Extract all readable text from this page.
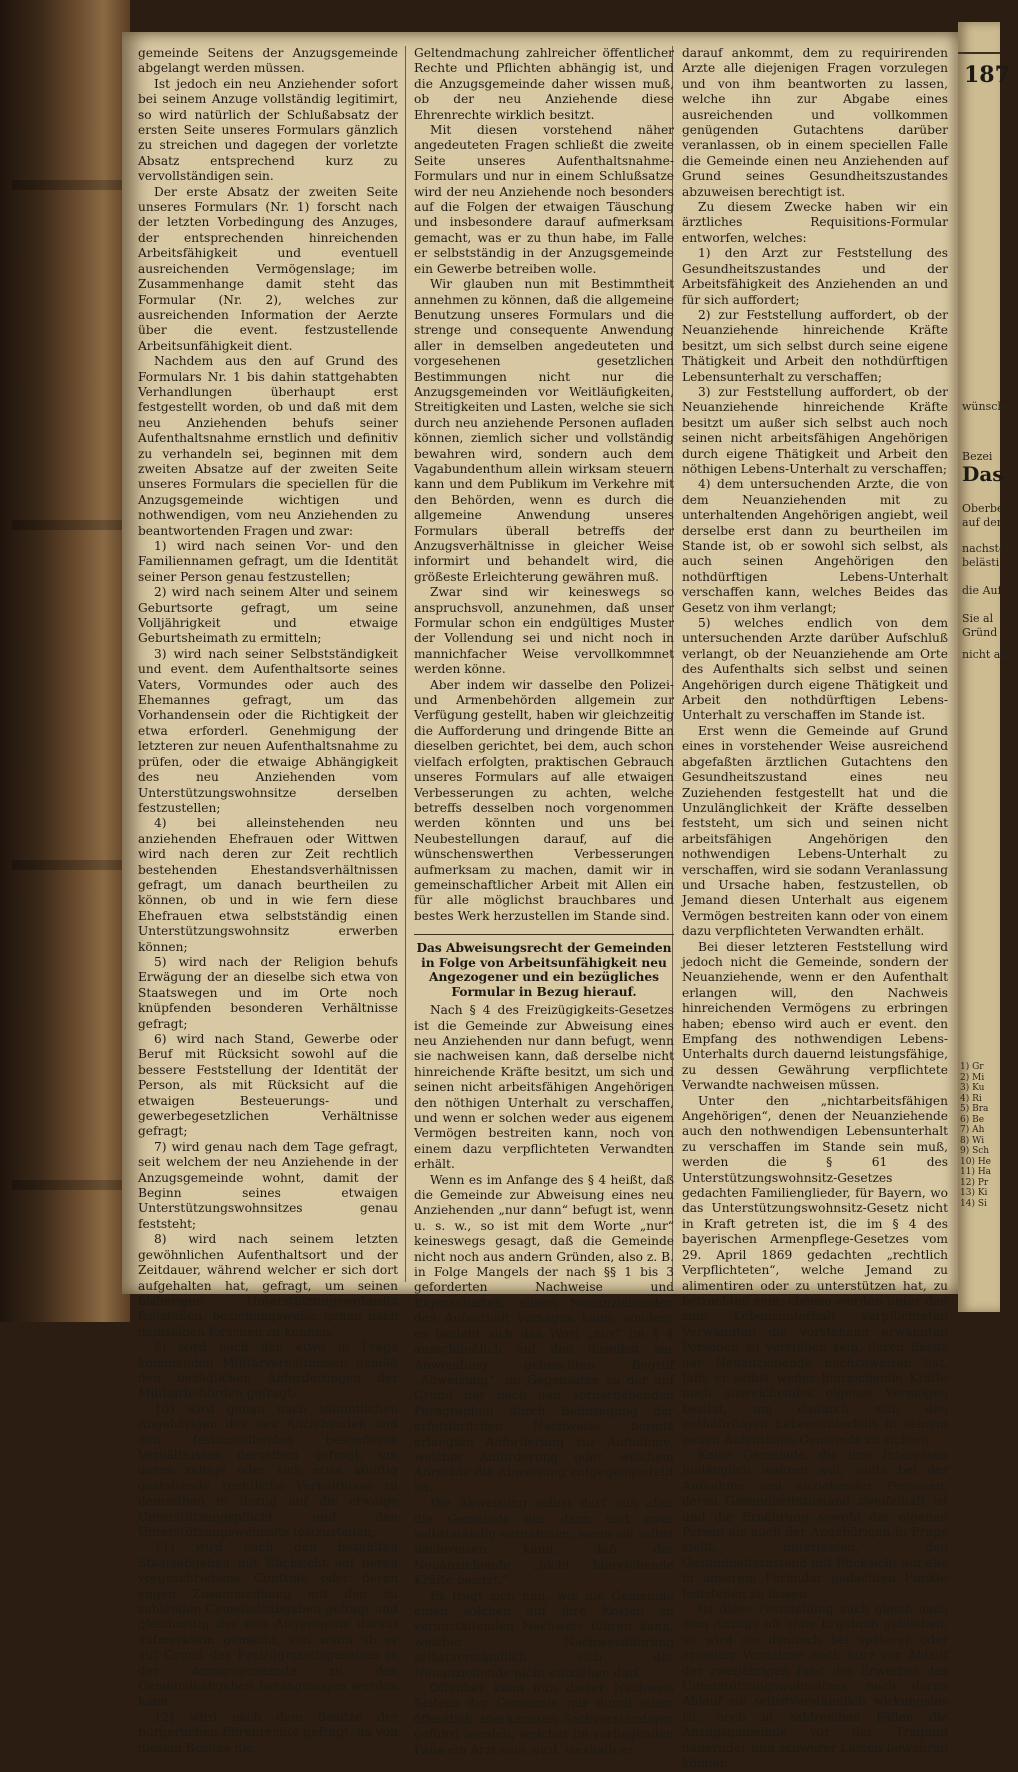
gemeinde Seitens der Anzugsgemeinde abgelangt werden müssen.

Ist jedoch ein neu Anziehender sofort bei seinem Anzuge vollständig legitimirt, so wird natürlich der Schlußabsatz der ersten Seite unseres Formulars gänzlich zu streichen und dagegen der vorletzte Absatz entsprechend kurz zu vervollständigen sein.

Der erste Absatz der zweiten Seite unseres Formulars (Nr. 1) forscht nach der letzten Vorbedingung des Anzuges, der entsprechenden hinreichenden Arbeitsfähigkeit und eventuell ausreichenden Vermögenslage; im Zusammenhange damit steht das Formular (Nr. 2), welches zur ausreichenden Information der Aerzte über die event. festzustellende Arbeitsunfähigkeit dient.

Nachdem aus den auf Grund des Formulars Nr. 1 bis dahin stattgehabten Verhandlungen überhaupt erst festgestellt worden, ob und daß mit dem neu Anziehenden behufs seiner Aufenthaltsnahme ernstlich und definitiv zu verhandeln sei, beginnen mit dem zweiten Absatze auf der zweiten Seite unseres Formulars die speciellen für die Anzugsgemeinde wichtigen und nothwendigen, vom neu Anziehenden zu beantwortenden Fragen und zwar:

1) wird nach seinen Vor- und den Familiennamen gefragt, um die Identität seiner Person genau festzustellen;

2) wird nach seinem Alter und seinem Geburtsorte gefragt, um seine Volljährigkeit und etwaige Geburtsheimath zu ermitteln;

3) wird nach seiner Selbstständigkeit und event. dem Aufenthaltsorte seines Vaters, Vormundes oder auch des Ehemannes gefragt, um das Vorhandensein oder die Richtigkeit der etwa erforderl. Genehmigung der letzteren zur neuen Aufenthaltsnahme zu prüfen, oder die etwaige Abhängigkeit des neu Anziehenden vom Unterstützungswohnsitze derselben festzustellen;

4) bei alleinstehenden neu anziehenden Ehefrauen oder Wittwen wird nach deren zur Zeit rechtlich bestehenden Ehestandsverhältnissen gefragt, um danach beurtheilen zu können, ob und in wie fern diese Ehefrauen etwa selbstständig einen Unterstützungswohnsitz erwerben können;

5) wird nach der Religion behufs Erwägung der an dieselbe sich etwa von Staatswegen und im Orte noch knüpfenden besonderen Verhältnisse gefragt;

6) wird nach Stand, Gewerbe oder Beruf mit Rücksicht sowohl auf die bessere Feststellung der Identität der Person, als mit Rücksicht auf die etwaigen Besteuerungs- und gewerbegesetzlichen Verhältnisse gefragt;

7) wird genau nach dem Tage gefragt, seit welchem der neu Anziehende in der Anzugsgemeinde wohnt, damit der Beginn seines etwaigen Unterstützungswohnsitzes genau feststeht;

8) wird nach seinem letzten gewöhnlichen Aufenthaltsort und der Zeitdauer, während welcher er sich dort aufgehalten hat, gefragt, um seinen bisherigen Unterstützungswohnsitz feststellen, beziehungsweise genau nach demselben forschen zu können.

9) wird nach den etwa in Frage kommenden Militärverhältnissen gemäß den bezüglichen Anforderungen der Militairbehörden gefragt;

10) wird genau nach sämmtlichen Angehörigen des neu Anziehenden und den festzustellenden besonderen Verhältnissen derselben gefragt, um deren zeitige oder sich etwa künftig gestaltende rechtliche Verhältnisse zu demselben in Bezug auf die etwaige Unterstützungspflicht und den Unterstützungswohnsitz festzustellen;

11) wird nach den bezahlten Staatsabgaben mit Rücksicht auf deren vorgeschriebene Controle oder deren engen Zusammenhang mit den zu zahlenden Gemeindeabgaben gefragt und gleichzeitig der neu Angezogene darauf aufmerksam gemacht, von wann ab er auf Grund des Freizügigkeitsgesetzes in der Anzugsgemeinde zu den Gemeindeabgaben herangezogen werden kann;

12) wird nach dem Besitze der bürgerlichen Ehrenrechte gefragt, da von diesem Besitze die

Geltendmachung zahlreicher öffentlicher Rechte und Pflichten abhängig ist, und die Anzugsgemeinde daher wissen muß, ob der neu Anziehende diese Ehrenrechte wirklich besitzt.

Mit diesen vorstehend näher angedeuteten Fragen schließt die zweite Seite unseres Aufenthaltsnahme-Formulars und nur in einem Schlußsatze wird der neu Anziehende noch besonders auf die Folgen der etwaigen Täuschung und insbesondere darauf aufmerksam gemacht, was er zu thun habe, im Falle er selbstständig in der Anzugsgemeinde ein Gewerbe betreiben wolle.

Wir glauben nun mit Bestimmtheit annehmen zu können, daß die allgemeine Benutzung unseres Formulars und die strenge und consequente Anwendung aller in demselben angedeuteten und vorgesehenen gesetzlichen Bestimmungen nicht nur die Anzugsgemeinden vor Weitläufigkeiten, Streitigkeiten und Lasten, welche sie sich durch neu anziehende Personen aufladen können, ziemlich sicher und vollständig bewahren wird, sondern auch dem Vagabundenthum allein wirksam steuern kann und dem Publikum im Verkehre mit den Behörden, wenn es durch die allgemeine Anwendung unseres Formulars überall betreffs der Anzugsverhältnisse in gleicher Weise informirt und behandelt wird, die größeste Erleichterung gewähren muß.

Zwar sind wir keineswegs so anspruchsvoll, anzunehmen, daß unser Formular schon ein endgültiges Muster der Vollendung sei und nicht noch in mannichfacher Weise vervollkommnet werden könne.

Aber indem wir dasselbe den Polizei- und Armenbehörden allgemein zur Verfügung gestellt, haben wir gleichzeitig die Aufforderung und dringende Bitte an dieselben gerichtet, bei dem, auch schon vielfach erfolgten, praktischen Gebrauch unseres Formulars auf alle etwaigen Verbesserungen zu achten, welche betreffs desselben noch vorgenommen werden könnten und uns bei Neubestellungen darauf, auf die wünschenswerthen Verbesserungen aufmerksam zu machen, damit wir in gemeinschaftlicher Arbeit mit Allen ein für alle möglichst brauchbares und bestes Werk herzustellen im Stande sind.

Das Abweisungsrecht der Gemeinden in Folge von Arbeitsunfähigkeit neu Angezogener und ein bezügliches Formular in Bezug hierauf.

Nach § 4 des Freizügigkeits-Gesetzes ist die Gemeinde zur Abweisung eines neu Anziehenden nur dann befugt, wenn sie nachweisen kann, daß derselbe nicht hinreichende Kräfte besitzt, um sich und seinen nicht arbeitsfähigen Angehörigen den nöthigen Unterhalt zu verschaffen, und wenn er solchen weder aus eigenem Vermögen bestreiten kann, noch von einem dazu verpflichteten Verwandten erhält.

Wenn es im Anfange des § 4 heißt, daß die Gemeinde zur Abweisung eines neu Anziehenden „nur dann“ befugt ist, wenn u. s. w., so ist mit dem Worte „nur“ keineswegs gesagt, daß die Gemeinde nicht noch aus andern Gründen, also z. B. in Folge Mangels der nach §§ 1 bis 3 geforderten Nachweise und Eigenschaften, einem Neuanziehenden den Aufenthalt versagen kann, sondern es bezieht sich das Wort „nur“ im § 4 ausschließlich auf den daselbst zur Anwendung gebrachten Begriff „Abweisung“, im Gegensatze zu der auf Grund der nach den vorhergehenden Paragraphen durch Beibringung der erforderlichen Nachweise bereits erlangten Anforderung zur Aufnahme, welcher Anforderung oder welchem Anrechte die Abweisung entgegengestellt ist.

Die Abweisung selbst darf nun aber die Gemeinde nur dann und zwar selbstständig vornehmen, wenn sie selbst nachweisen kann, daß der Neuanziehende „nicht hinreichende Kräfte besitzt.“

Es fragt sich nun, wie die Gemeinde einen solchen auf ihre Kosten zu veranstaltenden Nachweis führen kann, welcher Nachweisführung selbstverständlich sich der Neuanziehende nicht entziehen darf.

Offenbar kann nun dieser Nachweis Seitens der Gemeinde nur durch einen öffentlich anerkannten Sachverständigen geführt werden, welcher im vorliegenden Falle ein Arzt sein wird, weshalb es

darauf ankommt, dem zu requirirenden Arzte alle diejenigen Fragen vorzulegen und von ihm beantworten zu lassen, welche ihn zur Abgabe eines ausreichenden und vollkommen genügenden Gutachtens darüber veranlassen, ob in einem speciellen Falle die Gemeinde einen neu Anziehenden auf Grund seines Gesundheitszustandes abzuweisen berechtigt ist.

Zu diesem Zwecke haben wir ein ärztliches Requisitions-Formular entworfen, welches:

1) den Arzt zur Feststellung des Gesundheitszustandes und der Arbeitsfähigkeit des Anziehenden an und für sich auffordert;

2) zur Feststellung auffordert, ob der Neuanziehende hinreichende Kräfte besitzt, um sich selbst durch seine eigene Thätigkeit und Arbeit den nothdürftigen Lebensunterhalt zu verschaffen;

3) zur Feststellung auffordert, ob der Neuanziehende hinreichende Kräfte besitzt um außer sich selbst auch noch seinen nicht arbeitsfähigen Angehörigen durch eigene Thätigkeit und Arbeit den nöthigen Lebens-Unterhalt zu verschaffen;

4) dem untersuchenden Arzte, die von dem Neuanziehenden mit zu unterhaltenden Angehörigen angiebt, weil derselbe erst dann zu beurtheilen im Stande ist, ob er sowohl sich selbst, als auch seinen Angehörigen den nothdürftigen Lebens-Unterhalt verschaffen kann, welches Beides das Gesetz von ihm verlangt;

5) welches endlich von dem untersuchenden Arzte darüber Aufschluß verlangt, ob der Neuanziehende am Orte des Aufenthalts sich selbst und seinen Angehörigen durch eigene Thätigkeit und Arbeit den nothdürftigen Lebens-Unterhalt zu verschaffen im Stande ist.

Erst wenn die Gemeinde auf Grund eines in vorstehender Weise ausreichend abgefaßten ärztlichen Gutachtens den Gesundheitszustand eines neu Zuziehenden festgestellt hat und die Unzulänglichkeit der Kräfte desselben feststeht, um sich und seinen nicht arbeitsfähigen Angehörigen den nothwendigen Lebens-Unterhalt zu verschaffen, wird sie sodann Veranlassung und Ursache haben, festzustellen, ob Jemand diesen Unterhalt aus eigenem Vermögen bestreiten kann oder von einem dazu verpflichteten Verwandten erhält.

Bei dieser letzteren Feststellung wird jedoch nicht die Gemeinde, sondern der Neuanziehende, wenn er den Aufenthalt erlangen will, den Nachweis hinreichenden Vermögens zu erbringen haben; ebenso wird auch er event. den Empfang des nothwendigen Lebens-Unterhalts durch dauernd leistungsfähige, zu dessen Gewährung verpflichtete Verwandte nachweisen müssen.

Unter den „nichtarbeitsfähigen Angehörigen“, denen der Neuanziehende auch den nothwendigen Lebensunterhalt zu verschaffen im Stande sein muß, werden die § 61 des Unterstützungswohnsitz-Gesetzes gedachten Familienglieder, für Bayern, wo das Unterstützungswohnsitz-Gesetz nicht in Kraft getreten ist, die im § 4 des bayerischen Armenpflege-Gesetzes vom 29. April 1869 gedachten „rechtlich Verpflichteten“, welche Jemand zu alimentiren oder zu unterstützen hat, zu betrachten sein; ebenso werden unter den zum Lebensunterhalt verpflichteten Verwandten die vorstehend erwähnten Personen zu verstehen sein, deren Besitz der Neuanziehende nachzuweisen hat, falls er selbst weder hinreichende Kräfte noch ausreichendes eigenes Vermögen besitzt, um dadurch sich den nothdürftigen Lebensunterhalt in seinem neuen Aufenthalts-Gemeinde zu sichern.

Keine Gemeinde, die ihre Interessen hinlänglich wahren will, sollte bei der Aufnahme neu anziehender Personen, deren Gesundheitszustand zweifelhaft ist und die Ernährung sowohl der eigenen Person als auch der Angehörigen in Frage stellt, unterlassen, den Gesundheitszustand mit Rücksicht auf alle in unserem Formular gedachten Punkte feststellen zu lassen.

Ist diese Feststellung auch gleich nach dem Anzuge oft ohne Ergebniß geblieben, so wird sie dennoch bei späterer oder erneuter Vornahme noch kurz vor Ablauf der zweijährigen Frist des Erwerbes des Unterstützungswohnsitzes, nach deren Ablauf sie selbstverständlich wirkungslos ist, noch in zahlreichen Fällen die Anzugsgemeinde vor der Tragung dauernder und schwerer Lasten bewahren können.

187
wünschen
Bezei
Das
Oberbe
auf der
nachstch
belästi
die Auf
Sie al
Gründ
nicht an
1) Gr
2) Mi
3) Ku
4) Ri
5) Bra
6) Be
7) Ah
8) Wi
9) Sch
10) He
11) Ha
12) Pr
13) Ki
14) Si
